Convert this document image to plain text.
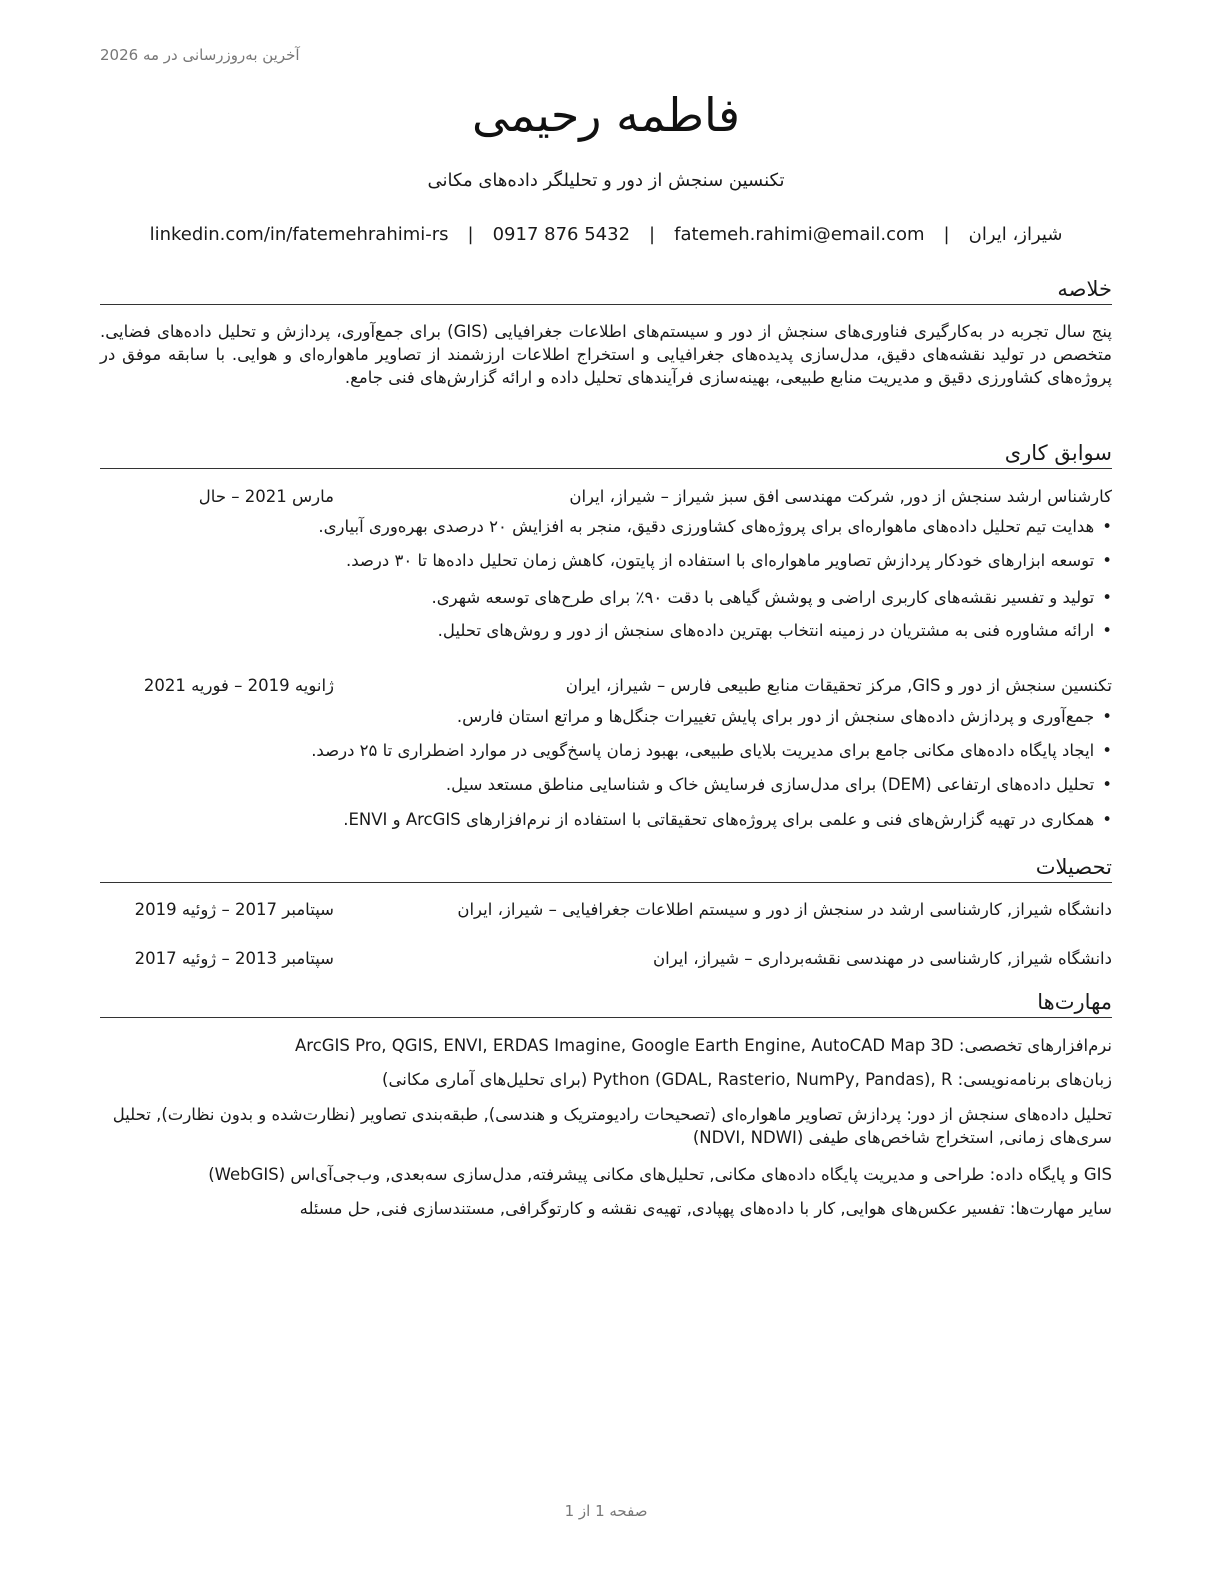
آخرین به‌روزرسانی در مه 2026
فاطمه رحیمی
تکنسین سنجش از دور و تحلیلگر داده‌های مکانی
شیراز، ایران
|
fatemeh.rahimi@email.com
|
0917 876 5432
|
linkedin.com/in/fatemehrahimi-rs
خلاصه

پنج سال تجربه در به‌کارگیری فناوری‌های سنجش از دور و سیستم‌های اطلاعات جغرافیایی (GIS) برای جمع‌آوری، پردازش و تحلیل داده‌های فضایی. متخصص در تولید نقشه‌های دقیق، مدل‌سازی پدیده‌های جغرافیایی و استخراج اطلاعات ارزشمند از تصاویر ماهواره‌ای و هوایی. با سابقه موفق در پروژه‌های کشاورزی دقیق و مدیریت منابع طبیعی، بهینه‌سازی فرآیندهای تحلیل داده و ارائه گزارش‌های فنی جامع.

سوابق کاری
کارشناس ارشد سنجش از دور, شرکت مهندسی افق سبز شیراز – شیراز، ایران
مارس 2021 – حال
•هدایت تیم تحلیل داده‌های ماهواره‌ای برای پروژه‌های کشاورزی دقیق، منجر به افزایش ۲۰ درصدی بهره‌وری آبیاری.
•توسعه ابزارهای خودکار پردازش تصاویر ماهواره‌ای با استفاده از پایتون، کاهش زمان تحلیل داده‌ها تا ۳۰ درصد.
•تولید و تفسیر نقشه‌های کاربری اراضی و پوشش گیاهی با دقت ۹۰٪ برای طرح‌های توسعه شهری.
•ارائه مشاوره فنی به مشتریان در زمینه انتخاب بهترین داده‌های سنجش از دور و روش‌های تحلیل.
تکنسین سنجش از دور و GIS, مرکز تحقیقات منابع طبیعی فارس – شیراز، ایران
ژانویه 2019 – فوریه 2021
•جمع‌آوری و پردازش داده‌های سنجش از دور برای پایش تغییرات جنگل‌ها و مراتع استان فارس.
•ایجاد پایگاه داده‌های مکانی جامع برای مدیریت بلایای طبیعی، بهبود زمان پاسخ‌گویی در موارد اضطراری تا ۲۵ درصد.
•تحلیل داده‌های ارتفاعی (DEM) برای مدل‌سازی فرسایش خاک و شناسایی مناطق مستعد سیل.
•همکاری در تهیه گزارش‌های فنی و علمی برای پروژه‌های تحقیقاتی با استفاده از نرم‌افزارهای ArcGIS و ENVI.
تحصیلات
دانشگاه شیراز, کارشناسی ارشد در سنجش از دور و سیستم اطلاعات جغرافیایی – شیراز، ایران
سپتامبر 2017 – ژوئیه 2019
دانشگاه شیراز, کارشناسی در مهندسی نقشه‌برداری – شیراز، ایران
سپتامبر 2013 – ژوئیه 2017
مهارت‌ها
نرم‌افزارهای تخصصی: ArcGIS Pro, QGIS, ENVI, ERDAS Imagine, Google Earth Engine, AutoCAD Map 3D
زبان‌های برنامه‌نویسی: Python (GDAL, Rasterio, NumPy, Pandas), R (برای تحلیل‌های آماری مکانی)
تحلیل داده‌های سنجش از دور: پردازش تصاویر ماهواره‌ای (تصحیحات رادیومتریک و هندسی), طبقه‌بندی تصاویر (نظارت‌شده و بدون نظارت), تحلیل سری‌های زمانی, استخراج شاخص‌های طیفی (NDVI, NDWI)
GIS و پایگاه داده: طراحی و مدیریت پایگاه داده‌های مکانی, تحلیل‌های مکانی پیشرفته, مدل‌سازی سه‌بعدی, وب‌جی‌آی‌اس (WebGIS)
سایر مهارت‌ها: تفسیر عکس‌های هوایی, کار با داده‌های پهپادی, تهیه‌ی نقشه و کارتوگرافی, مستندسازی فنی, حل مسئله
صفحه 1 از 1
